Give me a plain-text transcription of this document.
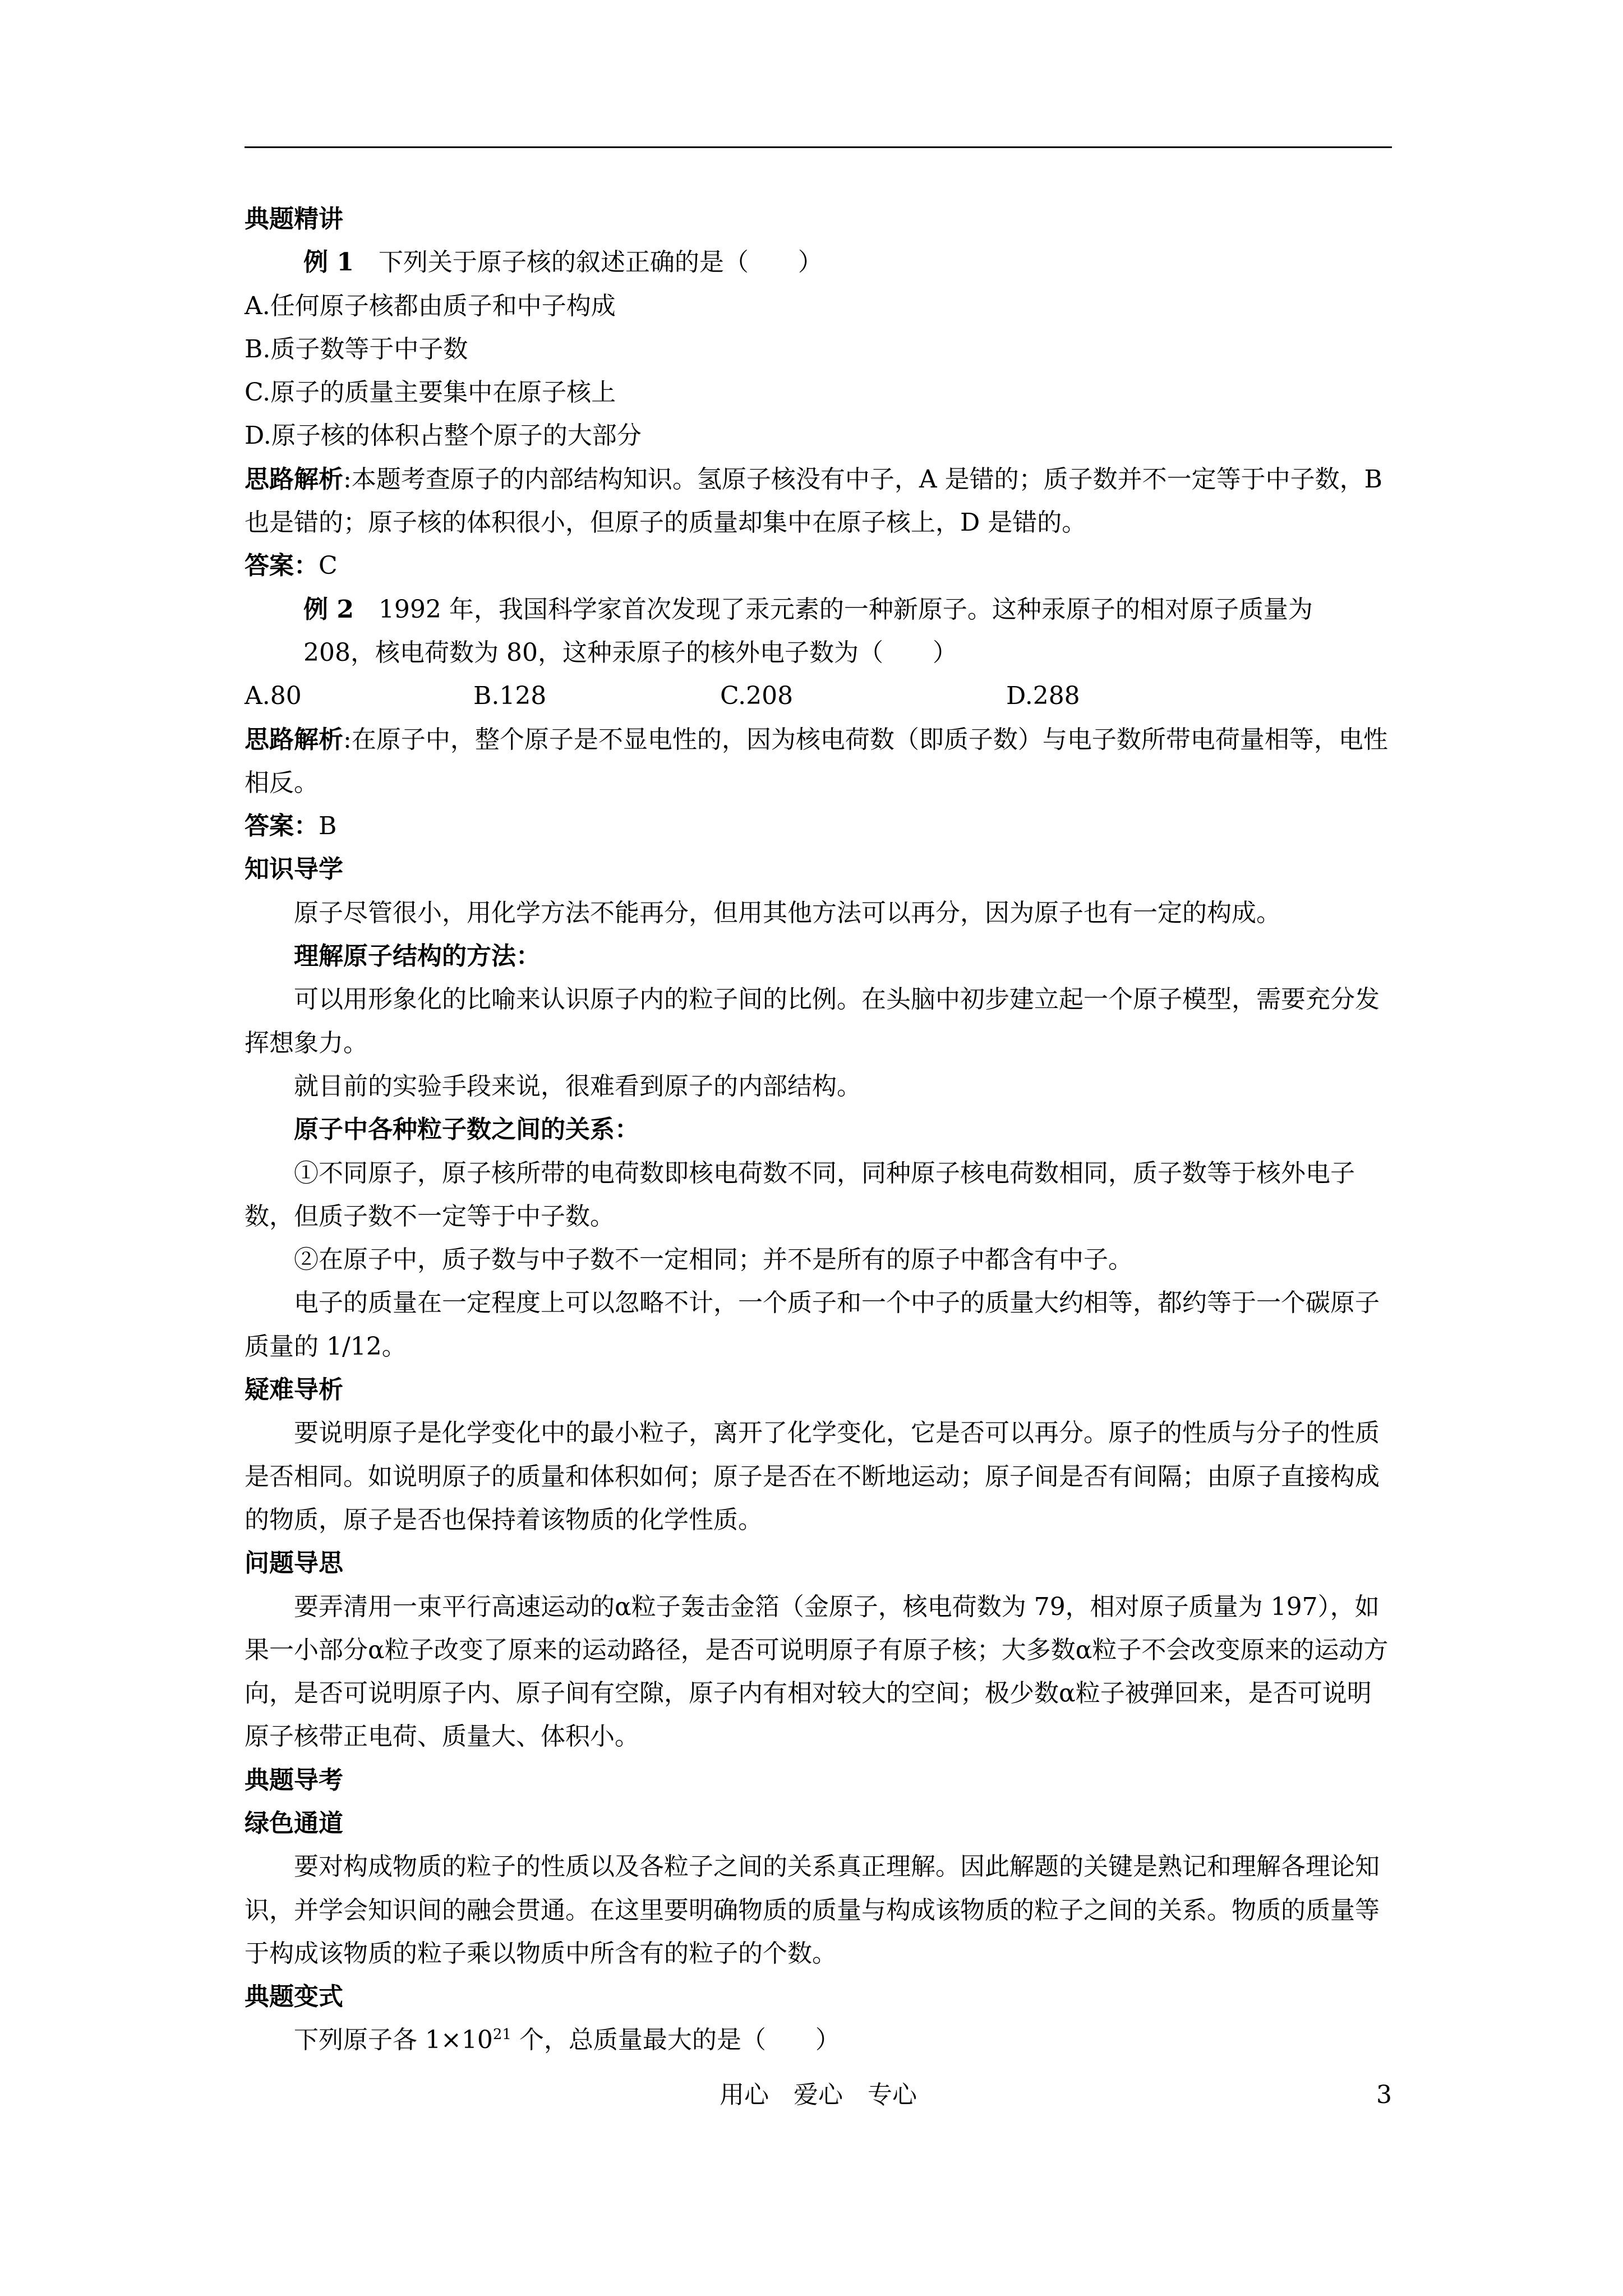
典题精讲

例 1　 下列关于原子核的叙述正确的是（　　）

A.任何原子核都由质子和中子构成

B.质子数等于中子数

C.原子的质量主要集中在原子核上

D.原子核的体积占整个原子的大部分

思路解析:本题考查原子的内部结构知识。氢原子核没有中子，A 是错的；质子数并不一定等于中子数，B 也是错的；原子核的体积很小，但原子的质量却集中在原子核上，D 是错的。

答案：C

例 2　 1992 年，我国科学家首次发现了汞元素的一种新原子。这种汞原子的相对原子质量为 208，核电荷数为 80，这种汞原子的核外电子数为（　　）

A.80	B.128	C.208	D.288

思路解析:在原子中，整个原子是不显电性的，因为核电荷数（即质子数）与电子数所带电荷量相等，电性相反。

答案：B

知识导学

原子尽管很小，用化学方法不能再分，但用其他方法可以再分，因为原子也有一定的构成。

理解原子结构的方法：

可以用形象化的比喻来认识原子内的粒子间的比例。在头脑中初步建立起一个原子模型，需要充分发挥想象力。

就目前的实验手段来说，很难看到原子的内部结构。

原子中各种粒子数之间的关系：

①不同原子，原子核所带的电荷数即核电荷数不同，同种原子核电荷数相同，质子数等于核外电子数，但质子数不一定等于中子数。

②在原子中，质子数与中子数不一定相同；并不是所有的原子中都含有中子。

电子的质量在一定程度上可以忽略不计，一个质子和一个中子的质量大约相等，都约等于一个碳原子质量的 1/12。

疑难导析

要说明原子是化学变化中的最小粒子，离开了化学变化，它是否可以再分。原子的性质与分子的性质是否相同。如说明原子的质量和体积如何；原子是否在不断地运动；原子间是否有间隔；由原子直接构成的物质，原子是否也保持着该物质的化学性质。

问题导思

要弄清用一束平行高速运动的α粒子轰击金箔（金原子，核电荷数为 79，相对原子质量为 197），如果一小部分α粒子改变了原来的运动路径，是否可说明原子有原子核；大多数α粒子不会改变原来的运动方向，是否可说明原子内、原子间有空隙，原子内有相对较大的空间；极少数α粒子被弹回来，是否可说明原子核带正电荷、质量大、体积小。

典题导考

绿色通道

要对构成物质的粒子的性质以及各粒子之间的关系真正理解。因此解题的关键是熟记和理解各理论知识，并学会知识间的融会贯通。在这里要明确物质的质量与构成该物质的粒子之间的关系。物质的质量等于构成该物质的粒子乘以物质中所含有的粒子的个数。

典题变式

下列原子各 $1\times 10^{21}$ 个，总质量最大的是（　　）

用心　爱心　专心	3
